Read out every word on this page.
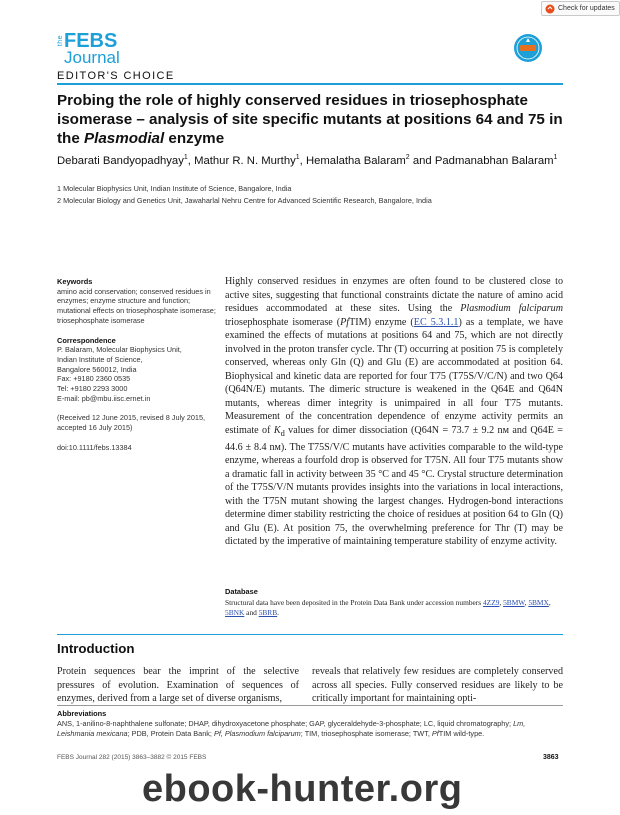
Check for updates
the FEBS
Journal
EDITOR'S CHOICE
Probing the role of highly conserved residues in triosephosphate isomerase – analysis of site specific mutants at positions 64 and 75 in the Plasmodial enzyme
Debarati Bandyopadhyay$^1$, Mathur R. N. Murthy$^1$, Hemalatha Balaram$^2$ and Padmanabhan Balaram$^1$
1 Molecular Biophysics Unit, Indian Institute of Science, Bangalore, India
2 Molecular Biology and Genetics Unit, Jawaharlal Nehru Centre for Advanced Scientific Research, Bangalore, India
Keywords
amino acid conservation; conserved residues in enzymes; enzyme structure and function; mutational effects on triosephosphate isomerase; triosephosphate isomerase
Correspondence
P. Balaram, Molecular Biophysics Unit,
Indian Institute of Science,
Bangalore 560012, India
Fax: +9180 2360 0535
Tel: +9180 2293 3000
E-mail: pb@mbu.iisc.ernet.in
(Received 12 June 2015, revised 8 July 2015, accepted 16 July 2015)
doi:10.1111/febs.13384
Highly conserved residues in enzymes are often found to be clustered close to active sites, suggesting that functional constraints dictate the nature of amino acid residues accommodated at these sites. Using the Plasmodium falciparum triosephosphate isomerase (PfTIM) enzyme (EC 5.3.1.1) as a template, we have examined the effects of mutations at positions 64 and 75, which are not directly involved in the proton transfer cycle. Thr (T) occurring at position 75 is completely conserved, whereas only Gln (Q) and Glu (E) are accommodated at position 64. Biophysical and kinetic data are reported for four T75 (T75S/V/C/N) and two Q64 (Q64N/E) mutants. The dimeric structure is weakened in the Q64E and Q64N mutants, whereas dimer integrity is unimpaired in all four T75 mutants. Measurement of the concentration dependence of enzyme activity permits an estimate of $K_d$ values for dimer dissociation (Q64N = 73.7 ± 9.2 nᴍ and Q64E = 44.6 ± 8.4 nᴍ). The T75S/V/C mutants have activities comparable to the wild-type enzyme, whereas a fourfold drop is observed for T75N. All four T75 mutants show a dramatic fall in activity between 35 °C and 45 °C. Crystal structure determination of the T75S/V/N mutants provides insights into the variations in local interactions, with the T75N mutant showing the largest changes. Hydrogen-bond interactions determine dimer stability restricting the choice of residues at position 64 to Gln (Q) and Glu (E). At position 75, the overwhelming preference for Thr (T) may be dictated by the imperative of maintaining temperature stability of enzyme activity.
Database
Structural data have been deposited in the Protein Data Bank under accession numbers 4ZZ9, 5BMW, 5BMX, 5BNK and 5BRB.
Introduction

Protein sequences bear the imprint of the selective pressures of evolution. Examination of sequences of enzymes, derived from a large set of diverse organisms,

reveals that relatively few residues are completely conserved across all species. Fully conserved residues are likely to be critically important for maintaining opti-

Abbreviations
ANS, 1-anilino-8-naphthalene sulfonate; DHAP, dihydroxyacetone phosphate; GAP, glyceraldehyde-3-phosphate; LC, liquid chromatography; Lm, Leishmania mexicana; PDB, Protein Data Bank; Pf, Plasmodium falciparum; TIM, triosephosphate isomerase; TWT, PfTIM wild-type.
FEBS Journal 282 (2015) 3863–3882 © 2015 FEBS	3863
ebook-hunter.org
